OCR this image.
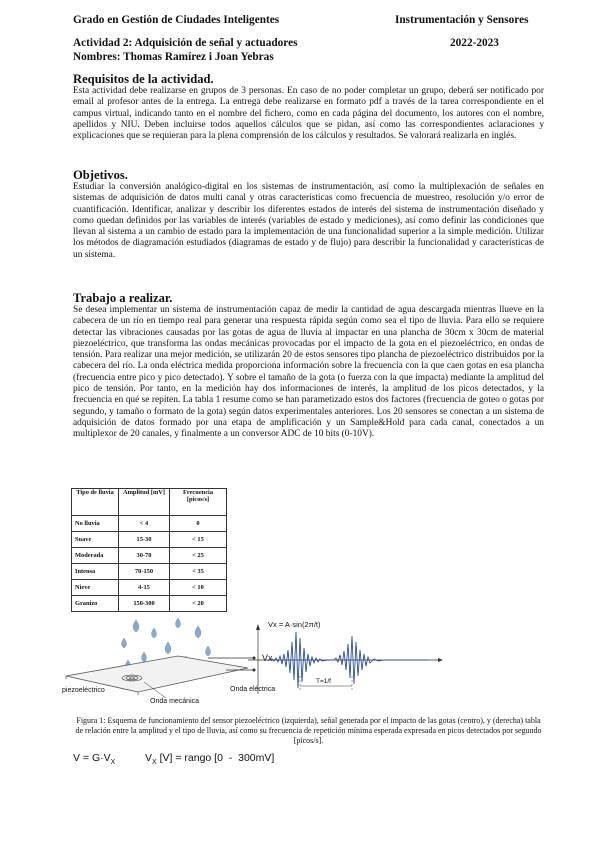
Grado en Gestión de Ciudades Inteligentes	Instrumentación y Sensores
Actividad 2: Adquisición de señal y actuadores	2022-2023
Nombres: Thomas Ramírez i Joan Yebras
Requisitos de la actividad.
Esta actividad debe realizarse en grupos de 3 personas. En caso de no poder completar un grupo, deberá ser notificado por email al profesor antes de la entrega. La entrega debe realizarse en formato pdf a través de la tarea correspondiente en el campus virtual, indicando tanto en el nombre del fichero, como en cada página del documento, los autores con el nombre, apellidos y NIU. Deben incluirse todos aquellos cálculos que se pidan, así como las correspondientes aclaraciones y explicaciones que se requieran para la plena comprensión de los cálculos y resultados. Se valorará realizarla en inglés.
Objetivos.
Estudiar la conversión analógico-digital en los sistemas de instrumentación, así como la multiplexación de señales en sistemas de adquisición de datos multi canal y otras características como frecuencia de muestreo, resolución y/o error de cuantificación. Identificar, analizar y describir los diferentes estados de interés del sistema de instrumentación diseñado y como quedan definidos por las variables de interés (variables de estado y mediciones), así como definir las condiciones que llevan al sistema a un cambio de estado para la implementación de una funcionalidad superior a la simple medición. Utilizar los métodos de diagramación estudiados (diagramas de estado y de flujo) para describir la funcionalidad y características de un sistema.
Trabajo a realizar.
Se desea implementar un sistema de instrumentación capaz de medir la cantidad de agua descargada mientras llueve en la cabecera de un río en tiempo real para generar una respuesta rápida según como sea el tipo de lluvia. Para ello se requiere detectar las vibraciones causadas por las gotas de agua de lluvia al impactar en una plancha de 30cm x 30cm de material piezoeléctrico, que transforma las ondas mecánicas provocadas por el impacto de la gota en el piezoeléctrico, en ondas de tensión. Para realizar una mejor medición, se utilizarán 20 de estos sensores tipo plancha de piezoeléctrico distribuidos por la cabecera del río. La onda eléctrica medida proporciona información sobre la frecuencia con la que caen gotas en esa plancha (frecuencia entre pico y pico detectado). Y sobre el tamaño de la gota (o fuerza con la que impacta) mediante la amplitud del pico de tensión. Por tanto, en la medición hay dos informaciones de interés, la amplitud de los picos detectados, y la frecuencia en qué se repiten. La tabla 1 resume como se han parametizado estos dos factores (frecuencia de goteo o gotas por segundo, y tamaño o formato de la gota) según datos experimentales anteriores. Los 20 sensores se conectan a un sistema de adquisición de datos formado por una etapa de amplificación y un Sample&Hold para cada canal, conectados a un multiplexor de 20 canales, y finalmente a un conversor ADC de 10 bits (0-10V).
Tipo de lluvia	Amplitud [mV]	Frecuencia [picos/s]
No lluvia	< 4	0
Suave	15-30	< 15
Moderada	30-70	< 25
Intensa	70-150	< 35
Nieve	4-15	< 10
Granizo	150-300	< 20
Vx
piezoeléctrico
Onda mecánica
Vx = A·sin(2π/t)
Onda eléctrica
T=1/f
Figura 1: Esquema de funcionamiento del sensor piezoeléctrico (izquierda), señal generada por el impacto de las gotas (centro), y (derecha) tabla de relación entre la amplitud y el tipo de lluvia, así como su frecuencia de repetición mínima esperada expresada en picos detectados por segundo [picos/s].
$V = G\cdot V_X$	$V_X$ [V] = rango [0  -  300mV]
